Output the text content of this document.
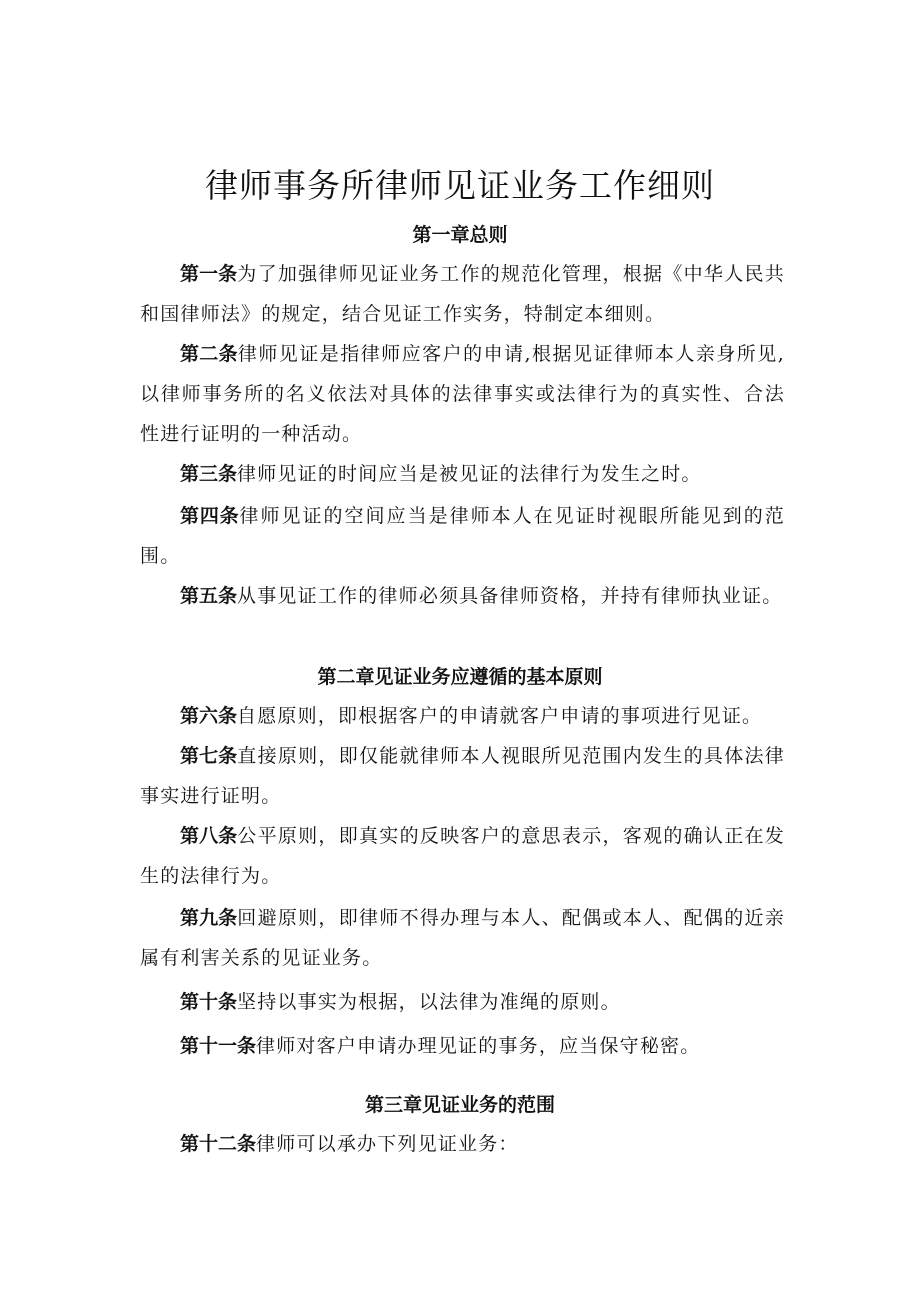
律师事务所律师见证业务工作细则
第一章总则

第一条为了加强律师见证业务工作的规范化管理，根据《中华人民共和国律师法》的规定，结合见证工作实务，特制定本细则。

第二条律师见证是指律师应客户的申请,根据见证律师本人亲身所见,以律师事务所的名义依法对具体的法律事实或法律行为的真实性、合法性进行证明的一种活动。

第三条律师见证的时间应当是被见证的法律行为发生之时。

第四条律师见证的空间应当是律师本人在见证时视眼所能见到的范围。

第五条从事见证工作的律师必须具备律师资格，并持有律师执业证。

第二章见证业务应遵循的基本原则

第六条自愿原则，即根据客户的申请就客户申请的事项进行见证。

第七条直接原则，即仅能就律师本人视眼所见范围内发生的具体法律事实进行证明。

第八条公平原则，即真实的反映客户的意思表示，客观的确认正在发生的法律行为。

第九条回避原则，即律师不得办理与本人、配偶或本人、配偶的近亲属有利害关系的见证业务。

第十条坚持以事实为根据，以法律为准绳的原则。

第十一条律师对客户申请办理见证的事务，应当保守秘密。

第三章见证业务的范围

第十二条律师可以承办下列见证业务：
